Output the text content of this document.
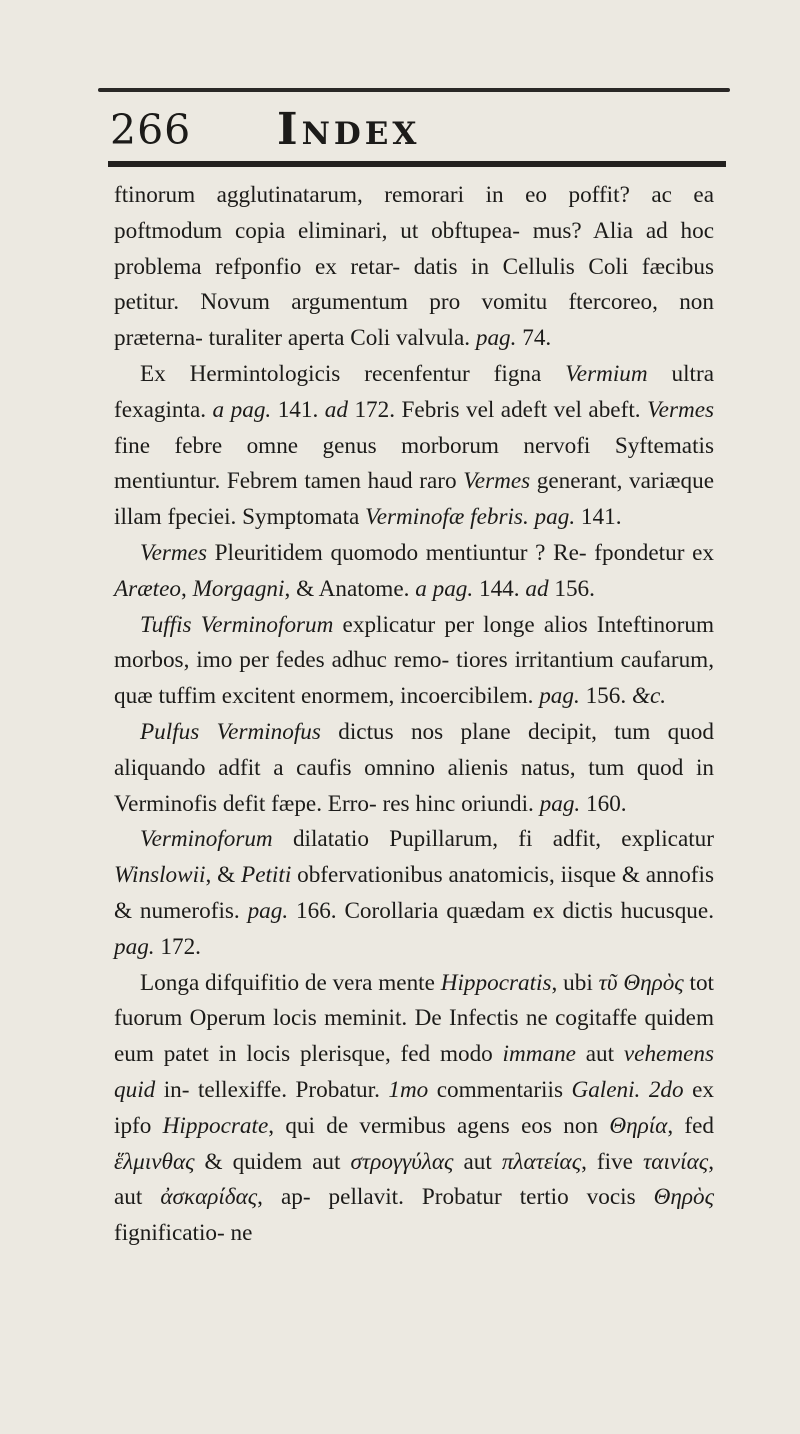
266 Index

ftinorum agglutinatarum, remorari in eo poffit? ac ea poftmodum copia eliminari, ut obftupea- mus? Alia ad hoc problema refponfio ex retar- datis in Cellulis Coli fæcibus petitur. Novum argumentum pro vomitu ftercoreo, non præterna- turaliter aperta Coli valvula. pag. 74.

Ex Hermintologicis recenfentur figna Vermium ultra fexaginta. a pag. 141. ad 172. Febris vel adeft vel abeft. Vermes fine febre omne genus morborum nervofi Syftematis mentiuntur. Febrem tamen haud raro Vermes generant, variæque illam fpeciei. Symptomata Verminofæ febris. pag. 141.

Vermes Pleuritidem quomodo mentiuntur ? Re- fpondetur ex Aræteo, Morgagni, & Anatome. a pag. 144. ad 156.

Tuffis Verminoforum explicatur per longe alios Inteftinorum morbos, imo per fedes adhuc remo- tiores irritantium caufarum, quæ tuffim excitent enormem, incoercibilem. pag. 156. &c.

Pulfus Verminofus dictus nos plane decipit, tum quod aliquando adfit a caufis omnino alienis natus, tum quod in Verminofis defit fæpe. Erro- res hinc oriundi. pag. 160.

Verminoforum dilatatio Pupillarum, fi adfit, explicatur Winslowii, & Petiti obfervationibus anatomicis, iisque & annofis & numerofis. pag. 166. Corollaria quædam ex dictis hucusque. pag. 172.

Longa difquifitio de vera mente Hippocratis, ubi τῦ Θηρὸς tot fuorum Operum locis meminit. De Infectis ne cogitaffe quidem eum patet in locis plerisque, fed modo immane aut vehemens quid in- tellexiffe. Probatur. 1mo commentariis Galeni. 2do ex ipfo Hippocrate, qui de vermibus agens eos non Θηρία, fed ἕλμινθας & quidem aut στρογγύλας aut πλατείας, five ταινίας, aut ἀσκαρίδας, ap- pellavit. Probatur tertio vocis Θηρὸς fignificatio- ne
